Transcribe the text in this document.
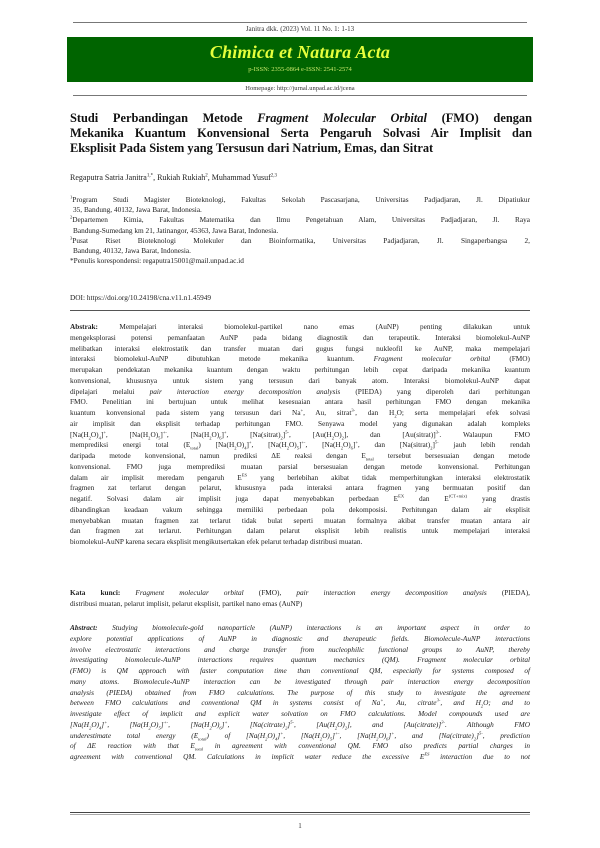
Janitra dkk. (2023) Vol. 11 No. 1: 1-13
Chimica et Natura Acta
p-ISSN: 2355-0864 e-ISSN: 2541-2574
Homepage: http://jurnal.unpad.ac.id/jcena
Studi Perbandingan Metode Fragment Molecular Orbital (FMO) dengan
Mekanika Kuantum Konvensional Serta Pengaruh Solvasi Air Implisit dan
Eksplisit Pada Sistem yang Tersusun dari Natrium, Emas, dan Sitrat
Regaputra Satria Janitra$^{1,*}$, Rukiah Rukiah$^2$, Muhammad Yusuf$^{2,3}$
$^1$Program Studi Magister Bioteknologi, Fakultas Sekolah Pascasarjana, Universitas Padjadjaran, Jl. Dipatiukur
35, Bandung, 40132, Jawa Barat, Indonesia.
$^2$Departemen Kimia, Fakultas Matematika dan Ilmu Pengetahuan Alam, Universitas Padjadjaran, Jl. Raya
Bandung-Sumedang km 21, Jatinangor, 45363, Jawa Barat, Indonesia.
$^3$Pusat Riset Bioteknologi Molekuler dan Bioinformatika, Universitas Padjadjaran, Jl. Singaperbangsa 2,
Bandung, 40132, Jawa Barat, Indonesia.
*Penulis korespondensi: regaputra15001@mail.unpad.ac.id
DOI: https://doi.org/10.24198/cna.v11.n1.45949
Abstrak: Mempelajari interaksi biomolekul-partikel nano emas (AuNP) penting dilakukan untuk
mengeksplorasi potensi pemanfaatan AuNP pada bidang diagnostik dan terapeutik. Interaksi biomolekul-AuNP
melibatkan interaksi elektrostatik dan transfer muatan dari gugus fungsi nukleofil ke AuNP, maka mempelajari
interaksi biomolekul-AuNP dibutuhkan metode mekanika kuantum. Fragment molecular orbital (FMO)
merupakan pendekatan mekanika kuantum dengan waktu perhitungan lebih cepat daripada mekanika kuantum
konvensional, khususnya untuk sistem yang tersusun dari banyak atom. Interaksi biomolekul-AuNP dapat
dipelajari melalui pair interaction energy decomposition analysis (PIEDA) yang diperoleh dari perhitungan
FMO. Penelitian ini bertujuan untuk melihat kesesuaian antara hasil perhitungan FMO dengan mekanika
kuantum konvensional pada sistem yang tersusun dari Na+, Au, sitrat$^{3-}$, dan $H_2O$; serta mempelajari efek solvasi
air implisit dan eksplisit terhadap perhitungan FMO. Senyawa model yang digunakan adalah kompleks
$[Na(H_2O)_4]^+$, $[Na(H_2O)_5]^{+-}$, $[Na(H_2O)_6]^+$, $[Na(sitrat)_2]^{5-}$, $[Au(H_2O)_2]$, dan [Au(sitrat)]$^{3-}$. Walaupun FMO
memprediksi energi total $(E_{total})$ $[Na(H_2O)_4]^+$, $[Na(H_2O)_5]^{+-}$, $[Na(H_2O)_6]^+$, dan $[Na(sitrat)_2]^{5-}$ jauh lebih rendah
daripada metode konvensional, namun prediksi ΔE reaksi dengan $E_{total}$ tersebut bersesuaian dengan metode
konvensional. FMO juga memprediksi muatan parsial bersesuaian dengan metode konvensional. Perhitungan
dalam air implisit meredam pengaruh $E^{ES}$ yang berlebihan akibat tidak memperhitungkan interaksi elektrostatik
fragmen zat terlarut dengan pelarut, khususnya pada interaksi antara fragmen yang bermuatan positif dan
negatif. Solvasi dalam air implisit juga dapat menyebabkan perbedaan $E^{EX}$ dan $E^{(CT+mix)}$ yang drastis
dibandingkan keadaan vakum sehingga memiliki perbedaan pola dekomposisi. Perhitungan dalam air eksplisit
menyebabkan muatan fragmen zat terlarut tidak bulat seperti muatan formalnya akibat transfer muatan antara air
dan fragmen zat terlarut. Perhitungan dalam pelarut eksplisit lebih realistis untuk mempelajari interaksi
biomolekul-AuNP karena secara eksplisit mengikutsertakan efek pelarut terhadap distribusi muatan.
Kata kunci: Fragment molecular orbital (FMO), pair interaction energy decomposition analysis (PIEDA),
distribusi muatan, pelarut implisit, pelarut eksplisit, partikel nano emas (AuNP)
Abstract: Studying biomolecule-gold nanoparticle (AuNP) interactions is an important aspect in order to
explore potential applications of AuNP in diagnostic and therapeutic fields. Biomolecule-AuNP interactions
involve electrostatic interactions and charge transfer from nucleophilic functional groups to AuNP, thereby
investigating biomolecule-AuNP interactions requires quantum mechanics (QM). Fragment molecular orbital
(FMO) is QM approach with faster computation time than conventional QM, especially for systems composed of
many atoms. Biomolecule-AuNP interaction can be investigated through pair interaction energy decomposition
analysis (PIEDA) obtained from FMO calculations. The purpose of this study to investigate the agreement
between FMO calculations and conventional QM in systems consist of Na+, Au, citrate$^{3-}$, and $H_2O$; and to
investigate effect of implicit and explicit water solvation on FMO calculations. Model compounds used are
$[Na(H_2O)_4]^+$, $[Na(H_2O)_5]^{+-}$, $[Na(H_2O)_6]^+$, $[Na(citrate)_2]^{5-}$, $[Au(H_2O)_2]$, and [Au(citrate)]$^{3-}$. Although FMO
underestimate total energy $(E_{total})$ of $[Na(H_2O)_4]^+$, $[Na(H_2O)_5]^{+-}$, $[Na(H_2O)_6]^+$, and $[Na(citrate)_2]^{5-}$, prediction
of ΔE reaction with that $E_{total}$ in agreement with conventional QM. FMO also predicts partial charges in
agreement with conventional QM. Calculations in implicit water reduce the excessive $E^{ES}$ interaction due to not
1
